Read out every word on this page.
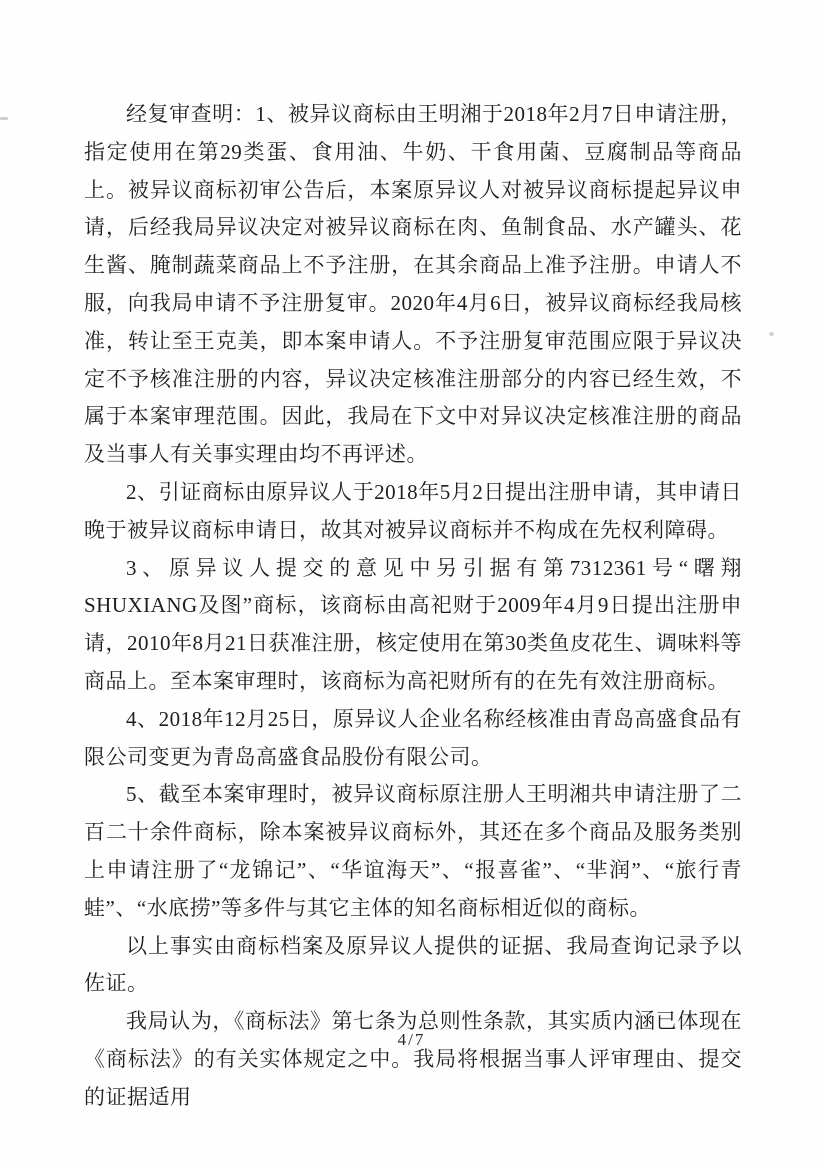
经复审查明：1、被异议商标由王明湘于2018年2月7日申请注册，指定使用在第29类蛋、食用油、牛奶、干食用菌、豆腐制品等商品上。被异议商标初审公告后，本案原异议人对被异议商标提起异议申请，后经我局异议决定对被异议商标在肉、鱼制食品、水产罐头、花生酱、腌制蔬菜商品上不予注册，在其余商品上准予注册。申请人不服，向我局申请不予注册复审。2020年4月6日，被异议商标经我局核准，转让至王克美，即本案申请人。不予注册复审范围应限于异议决定不予核准注册的内容，异议决定核准注册部分的内容已经生效，不属于本案审理范围。因此，我局在下文中对异议决定核准注册的商品及当事人有关事实理由均不再评述。

2、引证商标由原异议人于2018年5月2日提出注册申请，其申请日晚于被异议商标申请日，故其对被异议商标并不构成在先权利障碍。

3、原异议人提交的意见中另引据有第7312361号“曙翔 SHUXIANG及图”商标，该商标由高祀财于2009年4月9日提出注册申请，2010年8月21日获准注册，核定使用在第30类鱼皮花生、调味料等商品上。至本案审理时，该商标为高祀财所有的在先有效注册商标。

4、2018年12月25日，原异议人企业名称经核准由青岛高盛食品有限公司变更为青岛高盛食品股份有限公司。

5、截至本案审理时，被异议商标原注册人王明湘共申请注册了二百二十余件商标，除本案被异议商标外，其还在多个商品及服务类别上申请注册了“龙锦记”、“华谊海天”、“报喜雀”、“芈润”、“旅行青蛙”、“水底捞”等多件与其它主体的知名商标相近似的商标。

以上事实由商标档案及原异议人提供的证据、我局查询记录予以佐证。

我局认为，《商标法》第七条为总则性条款，其实质内涵已体现在《商标法》的有关实体规定之中。我局将根据当事人评审理由、提交的证据适用

4/7
